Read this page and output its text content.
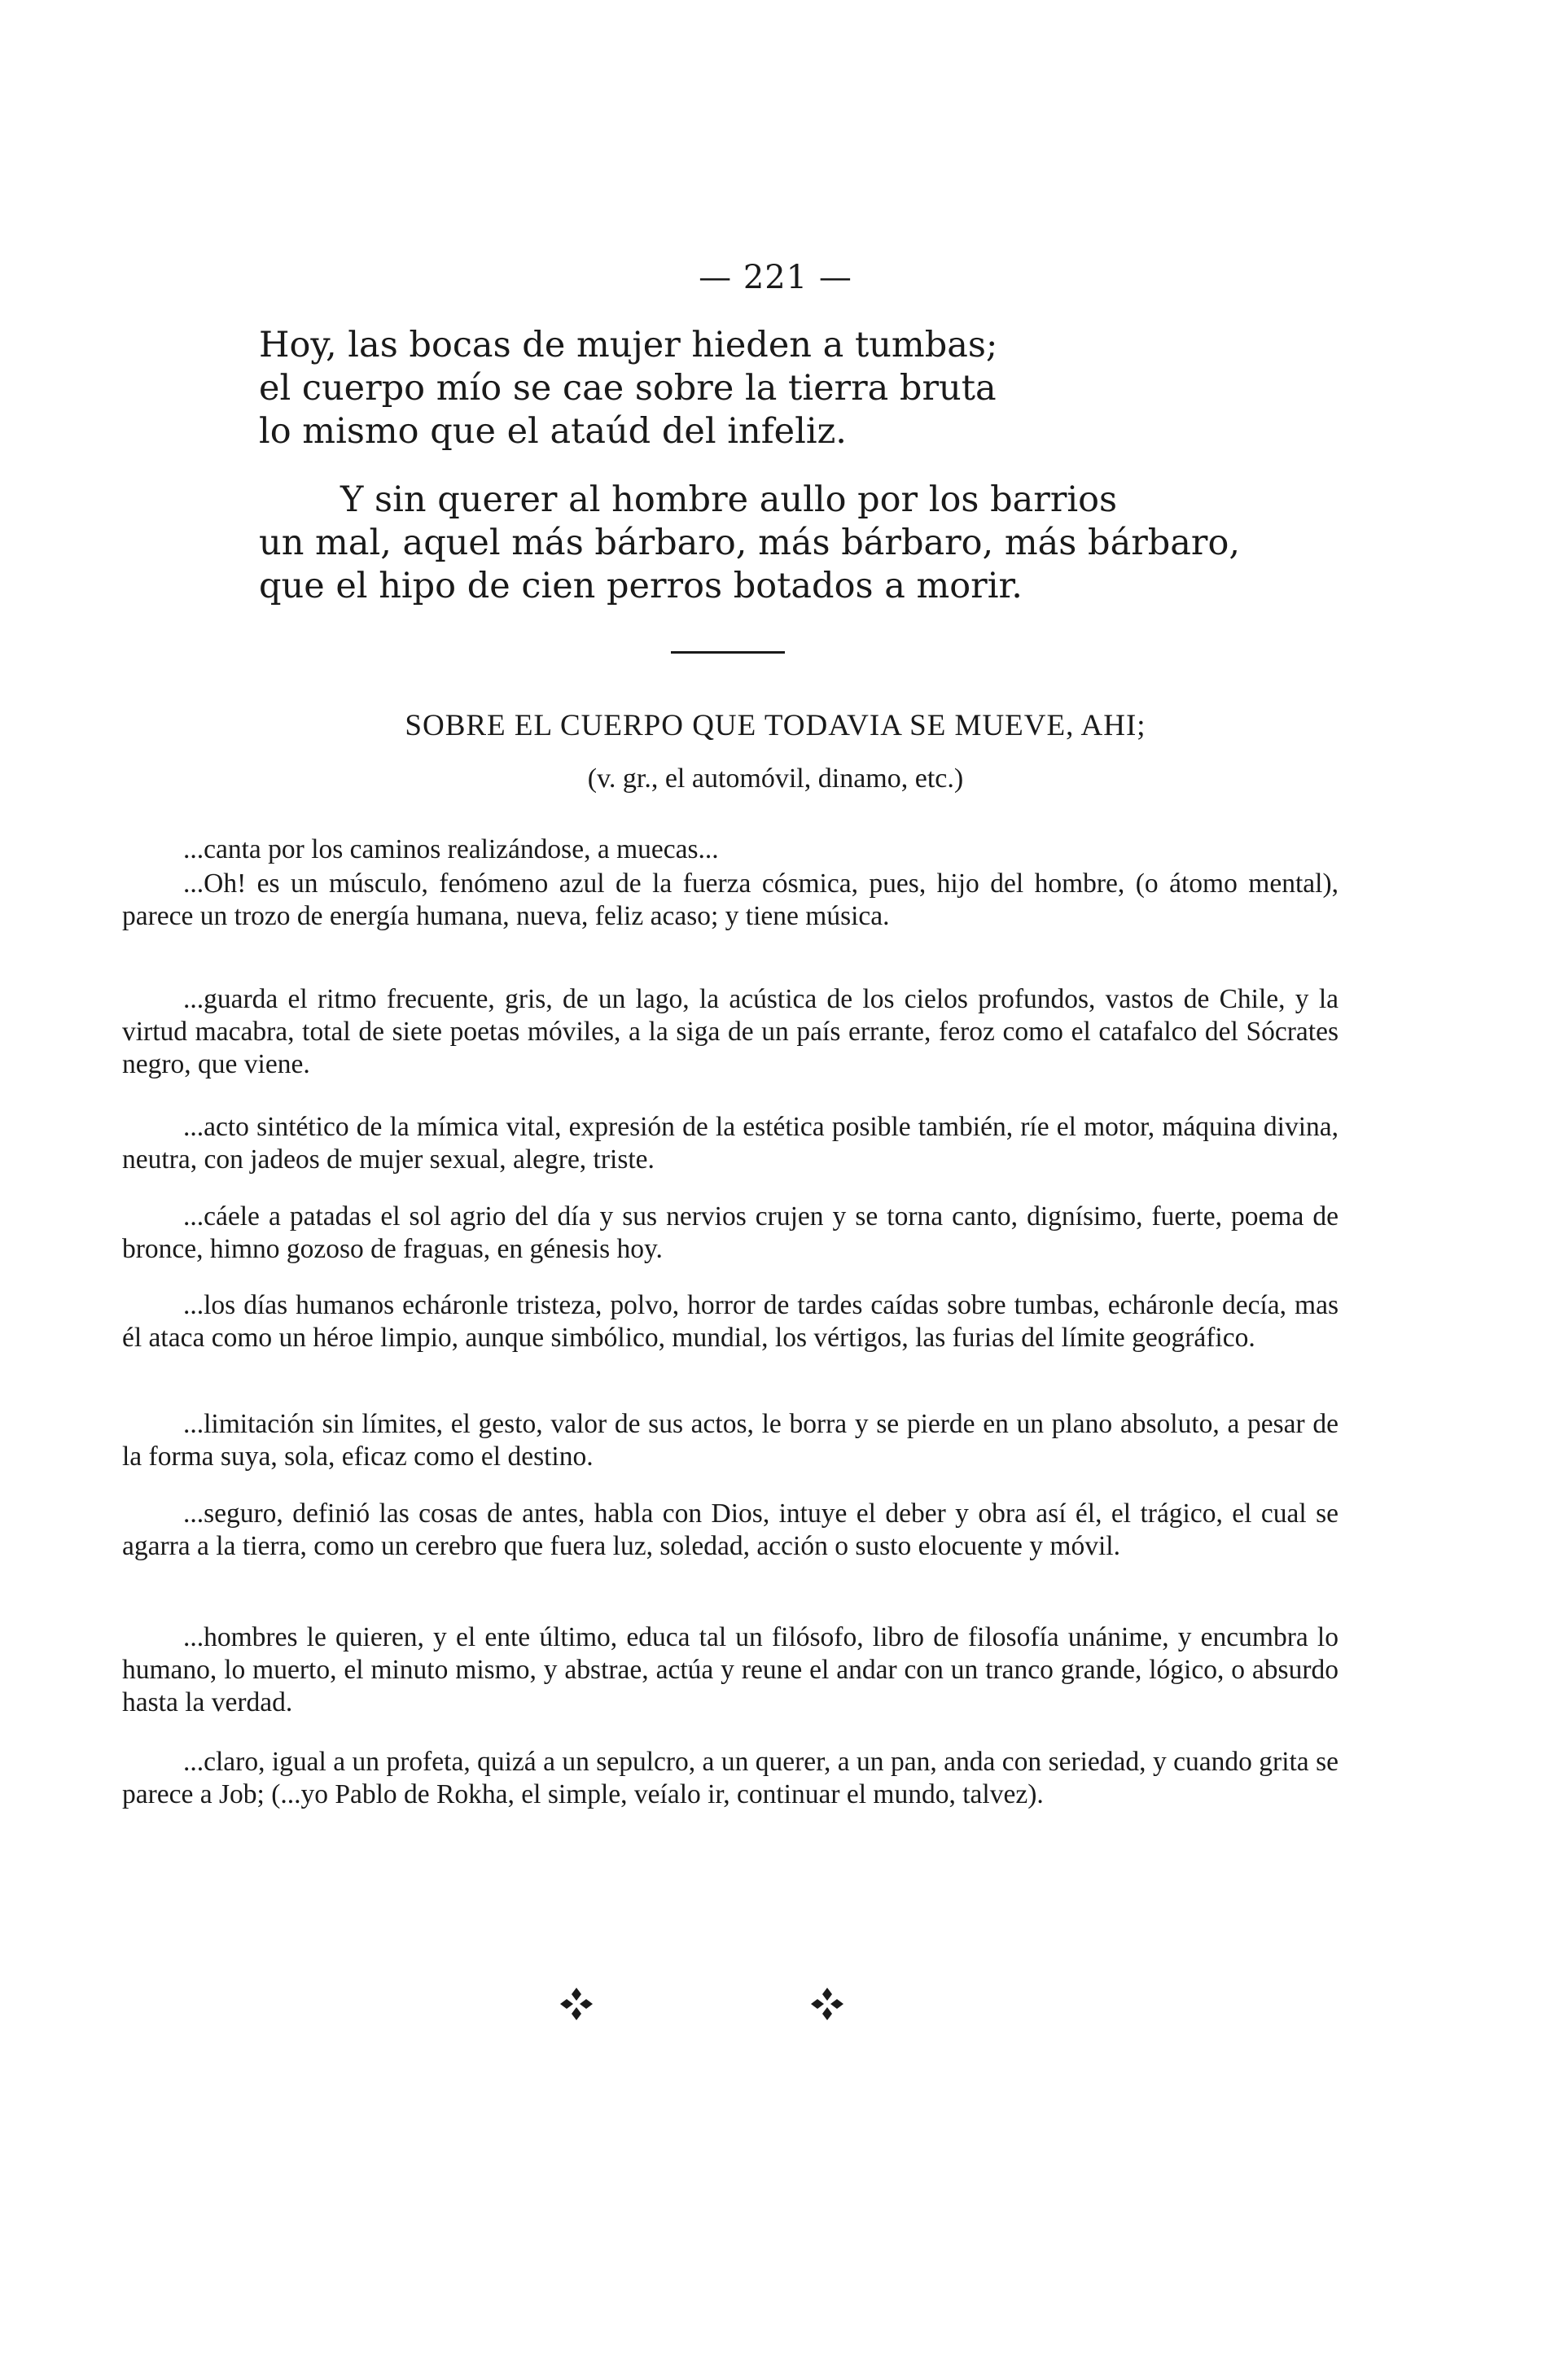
— 221 —

Hoy, las bocas de mujer hieden a tumbas;

el cuerpo mío se cae sobre la tierra bruta

lo mismo que el ataúd del infeliz.

Y sin querer al hombre aullo por los barrios

un mal, aquel más bárbaro, más bárbaro, más bárbaro,

que el hipo de cien perros botados a morir.

SOBRE EL CUERPO QUE TODAVIA SE MUEVE, AHI;
(v. gr., el automóvil, dinamo, etc.)

...canta por los caminos realizándose, a muecas...

...Oh! es un músculo, fenómeno azul de la fuerza cósmica, pues, hijo del hombre, (o átomo mental), parece un trozo de energía humana, nueva, feliz acaso; y tiene música.

...guarda el ritmo frecuente, gris, de un lago, la acústica de los cielos profundos, vastos de Chile, y la virtud macabra, total de siete poetas móviles, a la siga de un país errante, feroz como el catafalco del Sócrates negro, que viene.

...acto sintético de la mímica vital, expresión de la estética posible también, ríe el motor, máquina divina, neutra, con jadeos de mujer sexual, alegre, triste.

...cáele a patadas el sol agrio del día y sus nervios crujen y se torna canto, dignísimo, fuerte, poema de bronce, himno gozoso de fraguas, en génesis hoy.

...los días humanos echáronle tristeza, polvo, horror de tardes caídas sobre tumbas, echáronle decía, mas él ataca como un héroe limpio, aunque simbólico, mundial, los vértigos, las furias del límite geográfico.

...limitación sin límites, el gesto, valor de sus actos, le borra y se pierde en un plano absoluto, a pesar de la forma suya, sola, eficaz como el destino.

...seguro, definió las cosas de antes, habla con Dios, intuye el deber y obra así él, el trágico, el cual se agarra a la tierra, como un cerebro que fuera luz, soledad, acción o susto elocuente y móvil.

...hombres le quieren, y el ente último, educa tal un filósofo, libro de filosofía unánime, y encumbra lo humano, lo muerto, el minuto mismo, y abstrae, actúa y reune el andar con un tranco grande, lógico, o absurdo hasta la verdad.

...claro, igual a un profeta, quizá a un sepulcro, a un querer, a un pan, anda con seriedad, y cuando grita se parece a Job; (...yo Pablo de Rokha, el simple, veíalo ir, continuar el mundo, talvez).
